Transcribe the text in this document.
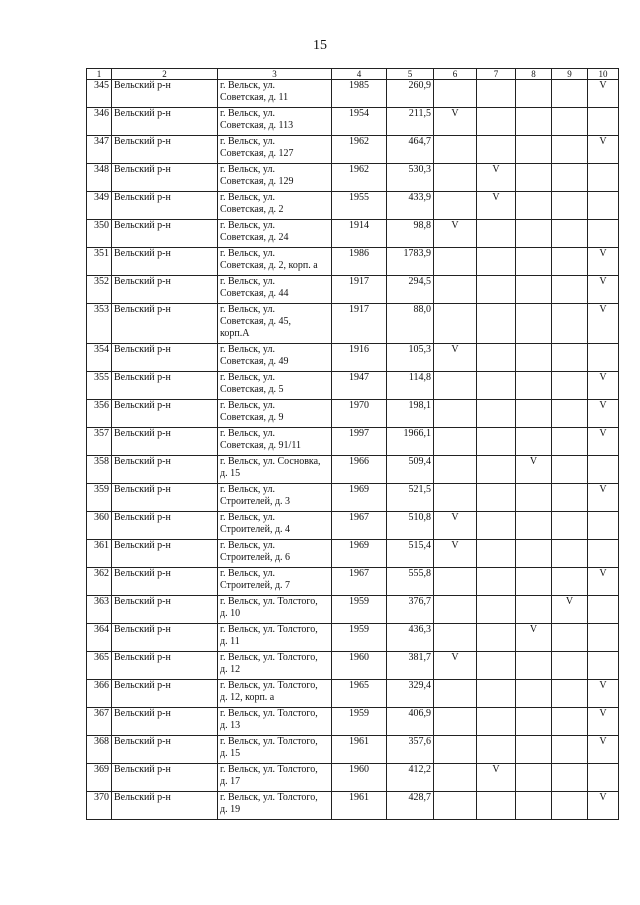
15
1	2	3	4	5	6	7	8	9	10
345	Вельский р-н	г. Вельск, ул.
Советская, д. 11	1985	260,9					V
346	Вельский р-н	г. Вельск, ул.
Советская, д. 113	1954	211,5	V				
347	Вельский р-н	г. Вельск, ул.
Советская, д. 127	1962	464,7					V
348	Вельский р-н	г. Вельск, ул.
Советская, д. 129	1962	530,3		V			
349	Вельский р-н	г. Вельск, ул.
Советская, д. 2	1955	433,9		V			
350	Вельский р-н	г. Вельск, ул.
Советская, д. 24	1914	98,8	V				
351	Вельский р-н	г. Вельск, ул.
Советская, д. 2, корп. а	1986	1783,9					V
352	Вельский р-н	г. Вельск, ул.
Советская, д. 44	1917	294,5					V
353	Вельский р-н	г. Вельск, ул.
Советская, д. 45,
корп.А	1917	88,0					V
354	Вельский р-н	г. Вельск, ул.
Советская, д. 49	1916	105,3	V				
355	Вельский р-н	г. Вельск, ул.
Советская, д. 5	1947	114,8					V
356	Вельский р-н	г. Вельск, ул.
Советская, д. 9	1970	198,1					V
357	Вельский р-н	г. Вельск, ул.
Советская, д. 91/11	1997	1966,1					V
358	Вельский р-н	г. Вельск, ул. Сосновка,
д. 15	1966	509,4			V		
359	Вельский р-н	г. Вельск, ул.
Строителей, д. 3	1969	521,5					V
360	Вельский р-н	г. Вельск, ул.
Строителей, д. 4	1967	510,8	V				
361	Вельский р-н	г. Вельск, ул.
Строителей, д. 6	1969	515,4	V				
362	Вельский р-н	г. Вельск, ул.
Строителей, д. 7	1967	555,8					V
363	Вельский р-н	г. Вельск, ул. Толстого,
д. 10	1959	376,7				V	
364	Вельский р-н	г. Вельск, ул. Толстого,
д. 11	1959	436,3			V		
365	Вельский р-н	г. Вельск, ул. Толстого,
д. 12	1960	381,7	V				
366	Вельский р-н	г. Вельск, ул. Толстого,
д. 12, корп. а	1965	329,4					V
367	Вельский р-н	г. Вельск, ул. Толстого,
д. 13	1959	406,9					V
368	Вельский р-н	г. Вельск, ул. Толстого,
д. 15	1961	357,6					V
369	Вельский р-н	г. Вельск, ул. Толстого,
д. 17	1960	412,2		V			
370	Вельский р-н	г. Вельск, ул. Толстого,
д. 19	1961	428,7					V
